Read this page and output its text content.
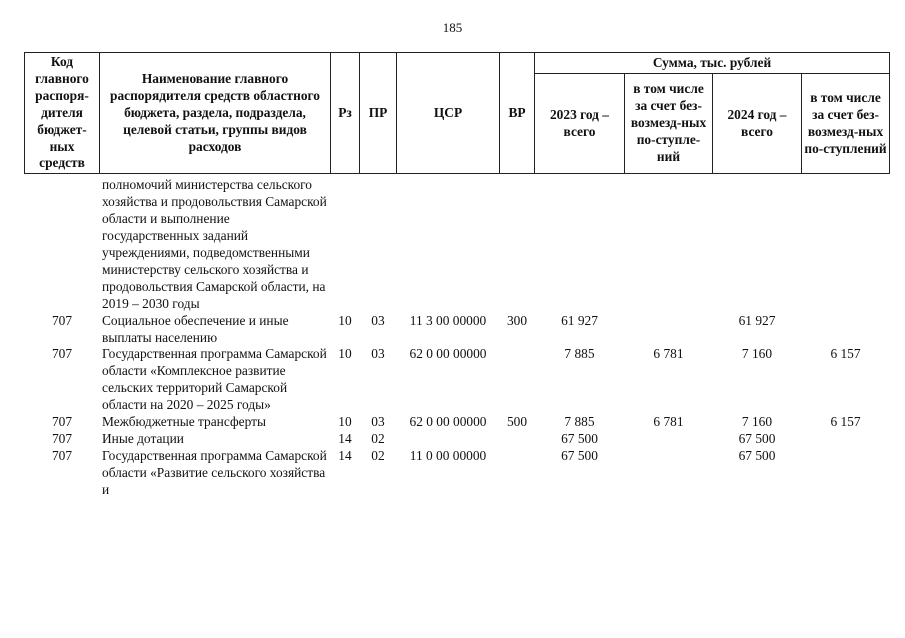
185
Код главного распоря-дителя бюджет-ных средств	Наименование главного распорядителя средств областного бюджета, раздела, подраздела, целевой статьи, группы видов расходов	Рз	ПР	ЦСР	ВР	Сумма, тыс. рублей			
						2023 год – всего	в том числе за счет без-возмезд-ных по-ступле-ний	2024 год – всего	в том числе за счет без-возмезд-ных по-ступлений
	полномочий министерства сельского хозяйства и продовольствия Самарской области и выполнение государственных заданий учреждениями, подведомственными министерству сельского хозяйства и продовольствия Самарской области, на 2019 – 2030 годы								
707	Социальное обеспечение и иные выплаты населению	10	03	11 3 00 00000	300	61 927		61 927	
707	Государственная программа Самарской области «Комплексное развитие сельских территорий Самарской области на 2020 – 2025 годы»	10	03	62 0 00 00000		7 885	6 781	7 160	6 157
707	Межбюджетные трансферты	10	03	62 0 00 00000	500	7 885	6 781	7 160	6 157
707	Иные дотации	14	02			67 500		67 500	
707	Государственная программа Самарской области «Развитие сельского хозяйства и	14	02	11 0 00 00000		67 500		67 500	
